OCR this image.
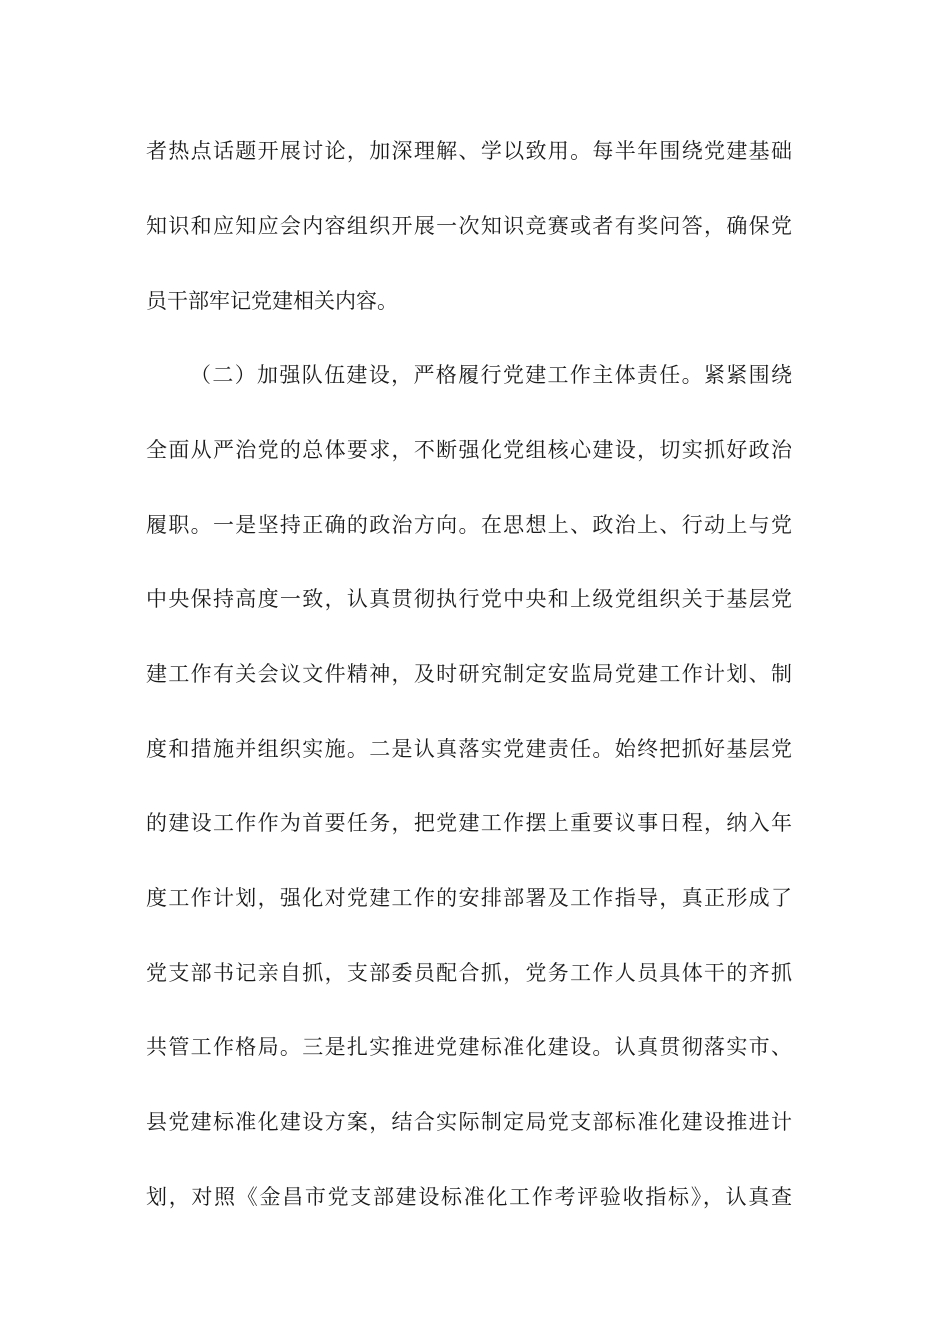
者热点话题开展讨论，加深理解、学以致用。每半年围绕党建基础
知识和应知应会内容组织开展一次知识竞赛或者有奖问答，确保党
员干部牢记党建相关内容。
（二）加强队伍建设，严格履行党建工作主体责任。紧紧围绕
全面从严治党的总体要求，不断强化党组核心建设，切实抓好政治
履职。一是坚持正确的政治方向。在思想上、政治上、行动上与党
中央保持高度一致，认真贯彻执行党中央和上级党组织关于基层党
建工作有关会议文件精神，及时研究制定安监局党建工作计划、制
度和措施并组织实施。二是认真落实党建责任。始终把抓好基层党
的建设工作作为首要任务，把党建工作摆上重要议事日程，纳入年
度工作计划，强化对党建工作的安排部署及工作指导，真正形成了
党支部书记亲自抓，支部委员配合抓，党务工作人员具体干的齐抓
共管工作格局。三是扎实推进党建标准化建设。认真贯彻落实市、
县党建标准化建设方案，结合实际制定局党支部标准化建设推进计
划，对照《金昌市党支部建设标准化工作考评验收指标》，认真查
